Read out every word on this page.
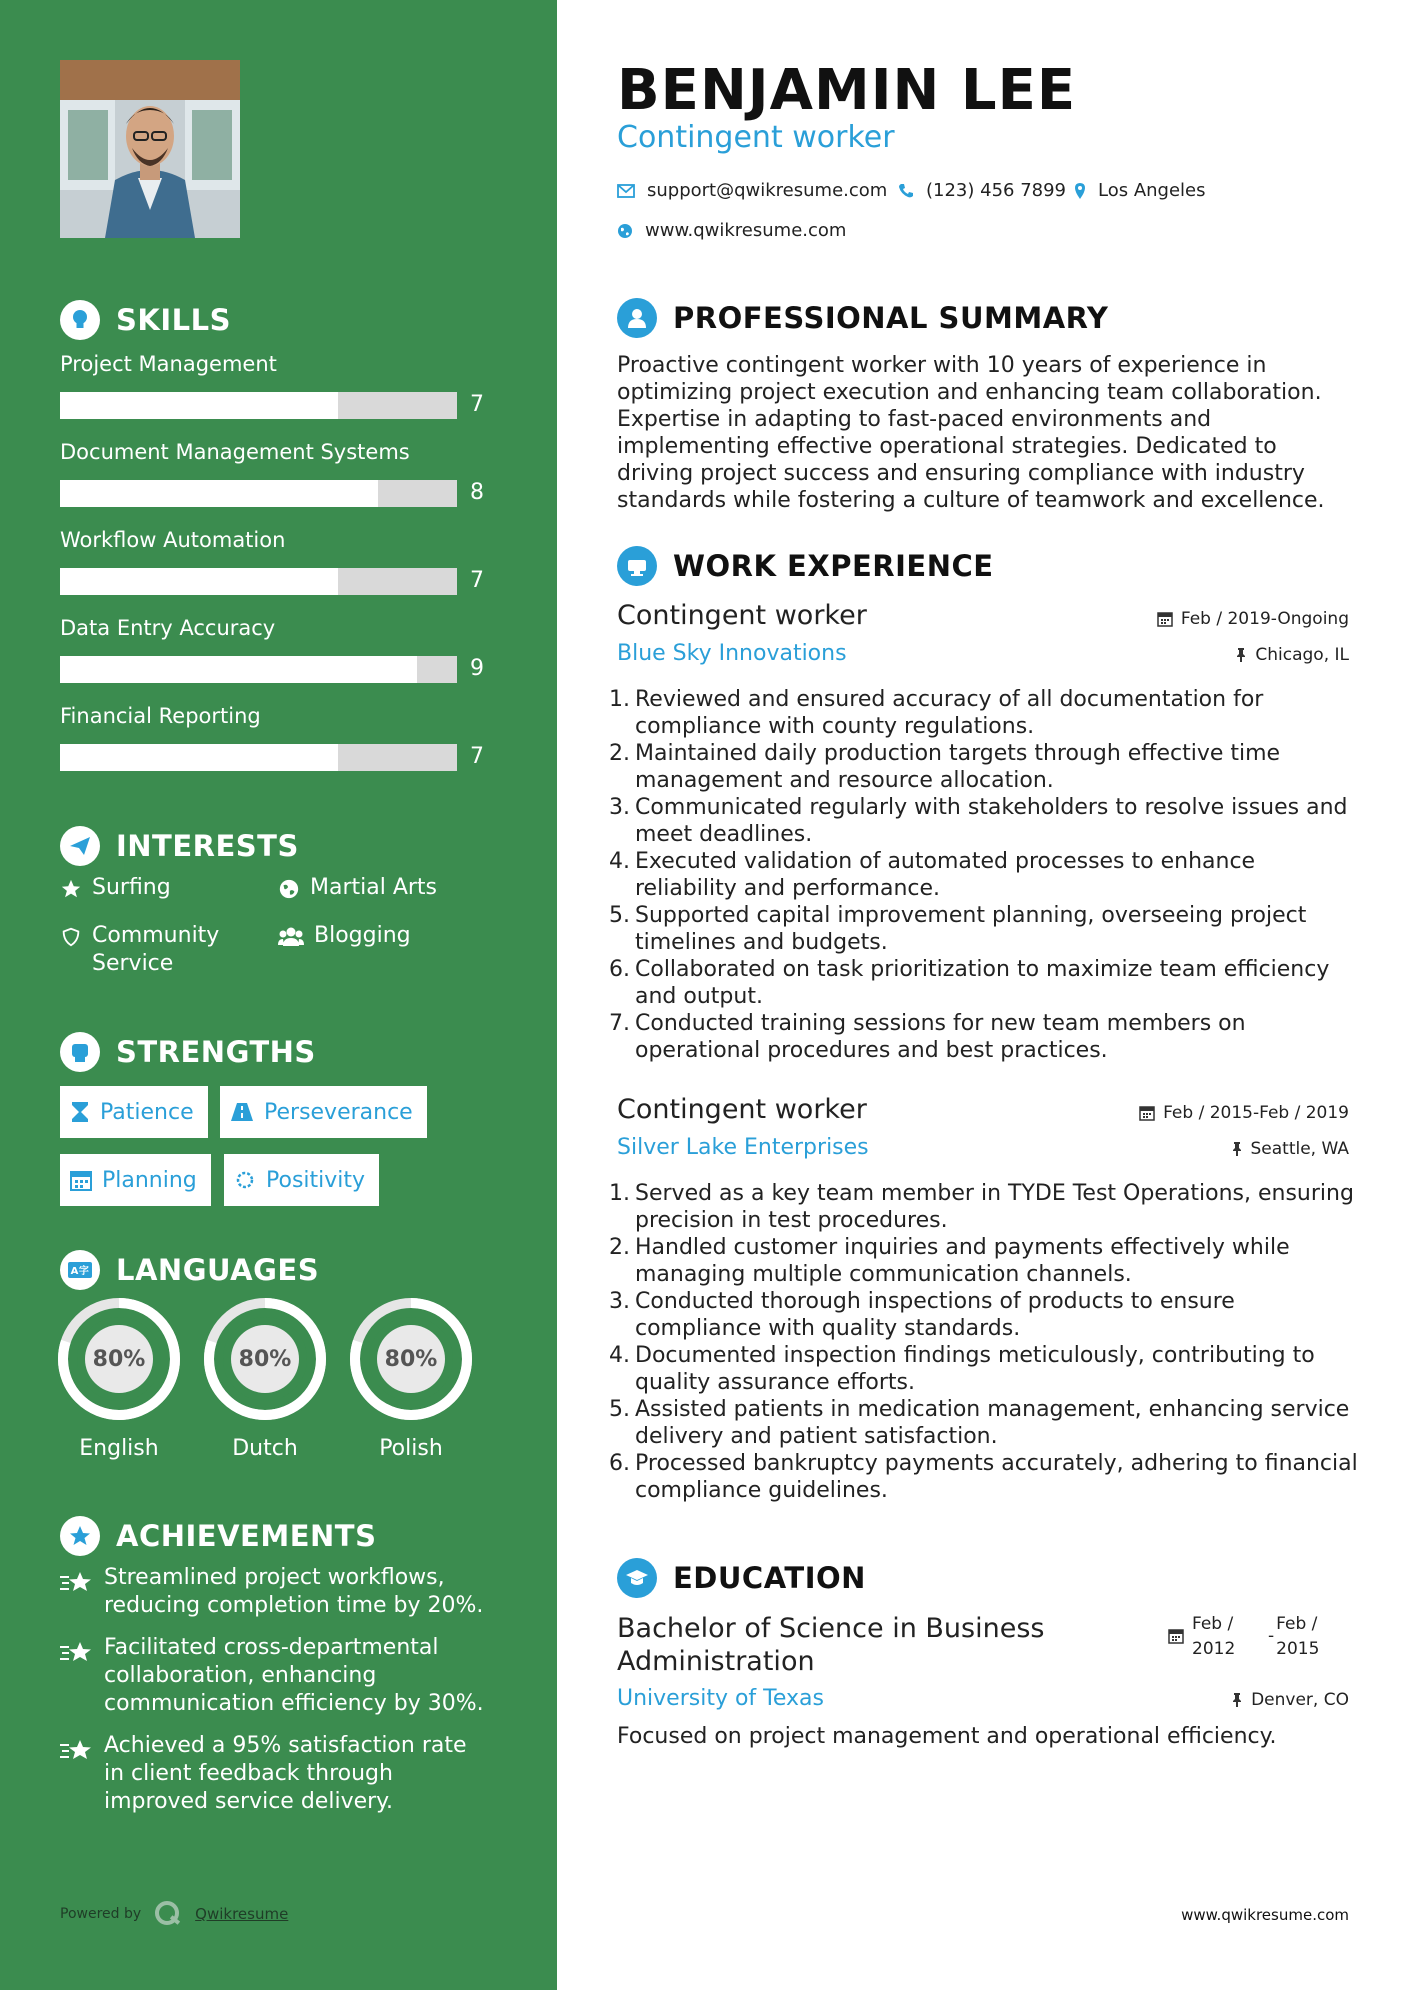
SKILLS
Project Management
7
Document Management Systems
8
Workflow Automation
7
Data Entry Accuracy
9
Financial Reporting
7
INTERESTS
Surfing	Martial Arts
Community Service
Blogging
STRENGTHS
Patience	Perseverance
Planning	Positivity
A字 LANGUAGES
80%
English
80%
Dutch
80%
Polish
ACHIEVEMENTS
Streamlined project workflows, reducing completion time by 20%.
Facilitated cross-departmental collaboration, enhancing communication efficiency by 30%.
Achieved a 95% satisfaction rate in client feedback through improved service delivery.
Powered by	Qwikresume
BENJAMIN LEE
Contingent worker
support@qwikresume.com (123) 456 7899 Los Angeles
www.qwikresume.com
PROFESSIONAL SUMMARY
Proactive contingent worker with 10 years of experience in optimizing project execution and enhancing team collaboration. Expertise in adapting to fast-paced environments and implementing effective operational strategies. Dedicated to driving project success and ensuring compliance with industry standards while fostering a culture of teamwork and excellence.
WORK EXPERIENCE
Contingent worker	Feb / 2019-Ongoing
Blue Sky Innovations	Chicago, IL
1. Reviewed and ensured accuracy of all documentation for compliance with county regulations.
2. Maintained daily production targets through effective time management and resource allocation.
3. Communicated regularly with stakeholders to resolve issues and meet deadlines.
4. Executed validation of automated processes to enhance reliability and performance.
5. Supported capital improvement planning, overseeing project timelines and budgets.
6. Collaborated on task prioritization to maximize team efficiency and output.
7. Conducted training sessions for new team members on operational procedures and best practices.
Contingent worker	Feb / 2015-Feb / 2019
Silver Lake Enterprises	Seattle, WA
1. Served as a key team member in TYDE Test Operations, ensuring precision in test procedures.
2. Handled customer inquiries and payments effectively while managing multiple communication channels.
3. Conducted thorough inspections of products to ensure compliance with quality standards.
4. Documented inspection findings meticulously, contributing to quality assurance efforts.
5. Assisted patients in medication management, enhancing service delivery and patient satisfaction.
6. Processed bankruptcy payments accurately, adhering to financial compliance guidelines.
EDUCATION
Bachelor of Science in Business Administration
Feb /
2012
-
Feb /
2015
University of Texas	Denver, CO
Focused on project management and operational efficiency.
www.qwikresume.com
